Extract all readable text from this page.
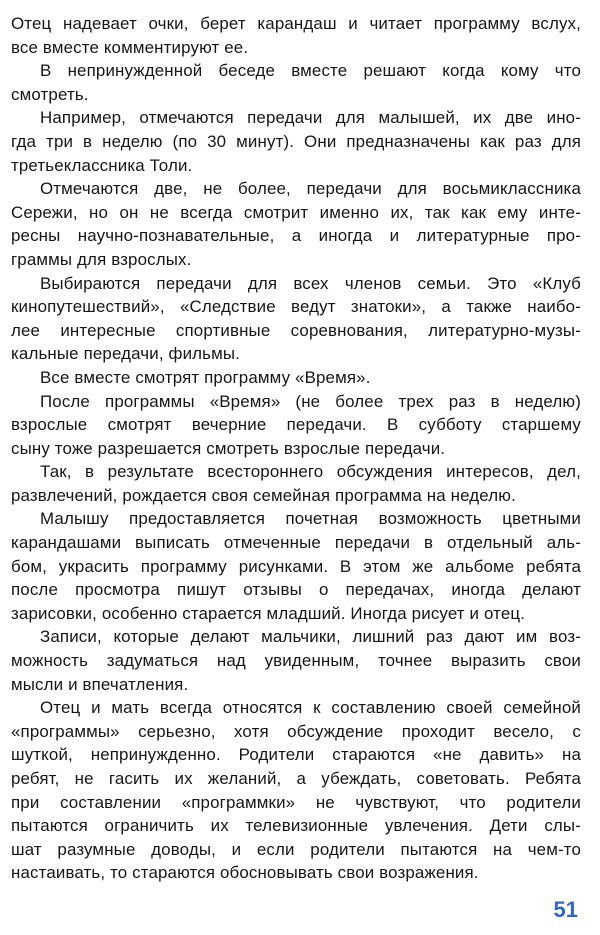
Отец надевает очки, берет карандаш и читает программу вслух,
все вместе комментируют ее.
В непринужденной беседе вместе решают когда кому что
смотреть.
Например, отмечаются передачи для малышей, их две ино-
гда три в неделю (по 30 минут). Они предназначены как раз для
третьеклассника Толи.
Отмечаются две, не более, передачи для восьмиклассника
Сережи, но он не всегда смотрит именно их, так как ему инте-
ресны научно-познавательные, а иногда и литературные про-
граммы для взрослых.
Выбираются передачи для всех членов семьи. Это «Клуб
кинопутешествий», «Следствие ведут знатоки», а также наибо-
лее интересные спортивные соревнования, литературно-музы-
кальные передачи, фильмы.
Все вместе смотрят программу «Время».
После программы «Время» (не более трех раз в неделю)
взрослые смотрят вечерние передачи. В субботу старшему
сыну тоже разрешается смотреть взрослые передачи.
Так, в результате всестороннего обсуждения интересов, дел,
развлечений, рождается своя семейная программа на неделю.
Малышу предоставляется почетная возможность цветными
карандашами выписать отмеченные передачи в отдельный аль-
бом, украсить программу рисунками. В этом же альбоме ребята
после просмотра пишут отзывы о передачах, иногда делают
зарисовки, особенно старается младший. Иногда рисует и отец.
Записи, которые делают мальчики, лишний раз дают им воз-
можность задуматься над увиденным, точнее выразить свои
мысли и впечатления.
Отец и мать всегда относятся к составлению своей семейной
«программы» серьезно, хотя обсуждение проходит весело, с
шуткой, непринужденно. Родители стараются «не давить» на
ребят, не гасить их желаний, а убеждать, советовать. Ребята
при составлении «программки» не чувствуют, что родители
пытаются ограничить их телевизионные увлечения. Дети слы-
шат разумные доводы, и если родители пытаются на чем-то
настаивать, то стараются обосновывать свои возражения.
51
